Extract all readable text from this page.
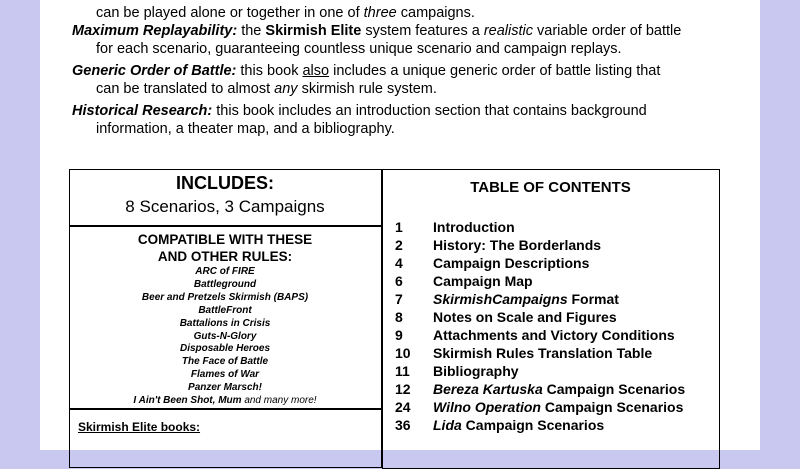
can be played alone or together in one of three campaigns.
Maximum Replayability: the Skirmish Elite system features a realistic variable order of battle
for each scenario, guaranteeing countless unique scenario and campaign replays.
Generic Order of Battle: this book also includes a unique generic order of battle listing that
can be translated to almost any skirmish rule system.
Historical Research: this book includes an introduction section that contains background
information, a theater map, and a bibliography.
INCLUDES:
8 Scenarios, 3 Campaigns
COMPATIBLE WITH THESE
AND OTHER RULES:
ARC of FIRE
Battleground
Beer and Pretzels Skirmish (BAPS)
BattleFront
Battalions in Crisis
Guts-N-Glory
Disposable Heroes
The Face of Battle
Flames of War
Panzer Marsch!
I Ain't Been Shot, Mum and many more!
Skirmish Elite books:
TABLE OF CONTENTS
1 Introduction
2 History: The Borderlands
4 Campaign Descriptions
6 Campaign Map
7 SkirmishCampaigns Format
8 Notes on Scale and Figures
9 Attachments and Victory Conditions
10 Skirmish Rules Translation Table
11 Bibliography
12 Bereza Kartuska Campaign Scenarios
24 Wilno Operation Campaign Scenarios
36 Lida Campaign Scenarios
